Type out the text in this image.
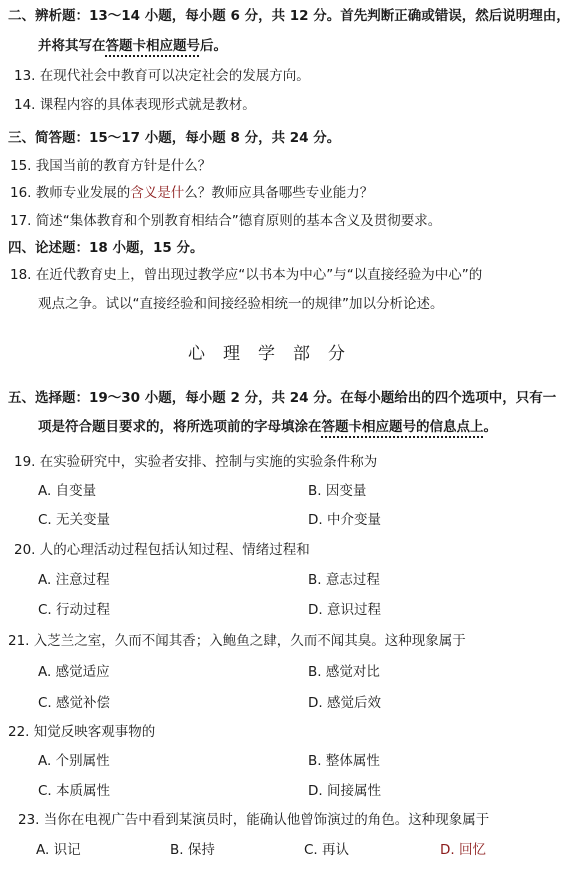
二、辨析题：13～14 小题，每小题 6 分，共 12 分。首先判断正确或错误，然后说明理由，
并将其写在答题卡相应题号后。
13. 在现代社会中教育可以决定社会的发展方向。
14. 课程内容的具体表现形式就是教材。
三、简答题：15～17 小题，每小题 8 分，共 24 分。
15. 我国当前的教育方针是什么？
16. 教师专业发展的含义是什么？教师应具备哪些专业能力？
17. 简述“集体教育和个别教育相结合”德育原则的基本含义及贯彻要求。
四、论述题：18 小题，15 分。
18. 在近代教育史上，曾出现过教学应“以书本为中心”与“以直接经验为中心”的
观点之争。试以“直接经验和间接经验相统一的规律”加以分析论述。
心理学部分
五、选择题：19～30 小题，每小题 2 分，共 24 分。在每小题给出的四个选项中，只有一
项是符合题目要求的，将所选项前的字母填涂在答题卡相应题号的信息点上。
19. 在实验研究中，实验者安排、控制与实施的实验条件称为
A. 自变量	B. 因变量
C. 无关变量	D. 中介变量
20. 人的心理活动过程包括认知过程、情绪过程和
A. 注意过程	B. 意志过程
C. 行动过程	D. 意识过程
21. 入芝兰之室，久而不闻其香；入鲍鱼之肆，久而不闻其臭。这种现象属于
A. 感觉适应	B. 感觉对比
C. 感觉补偿	D. 感觉后效
22. 知觉反映客观事物的
A. 个别属性	B. 整体属性
C. 本质属性	D. 间接属性
23. 当你在电视广告中看到某演员时，能确认他曾饰演过的角色。这种现象属于
A. 识记	B. 保持	C. 再认	D. 回忆
